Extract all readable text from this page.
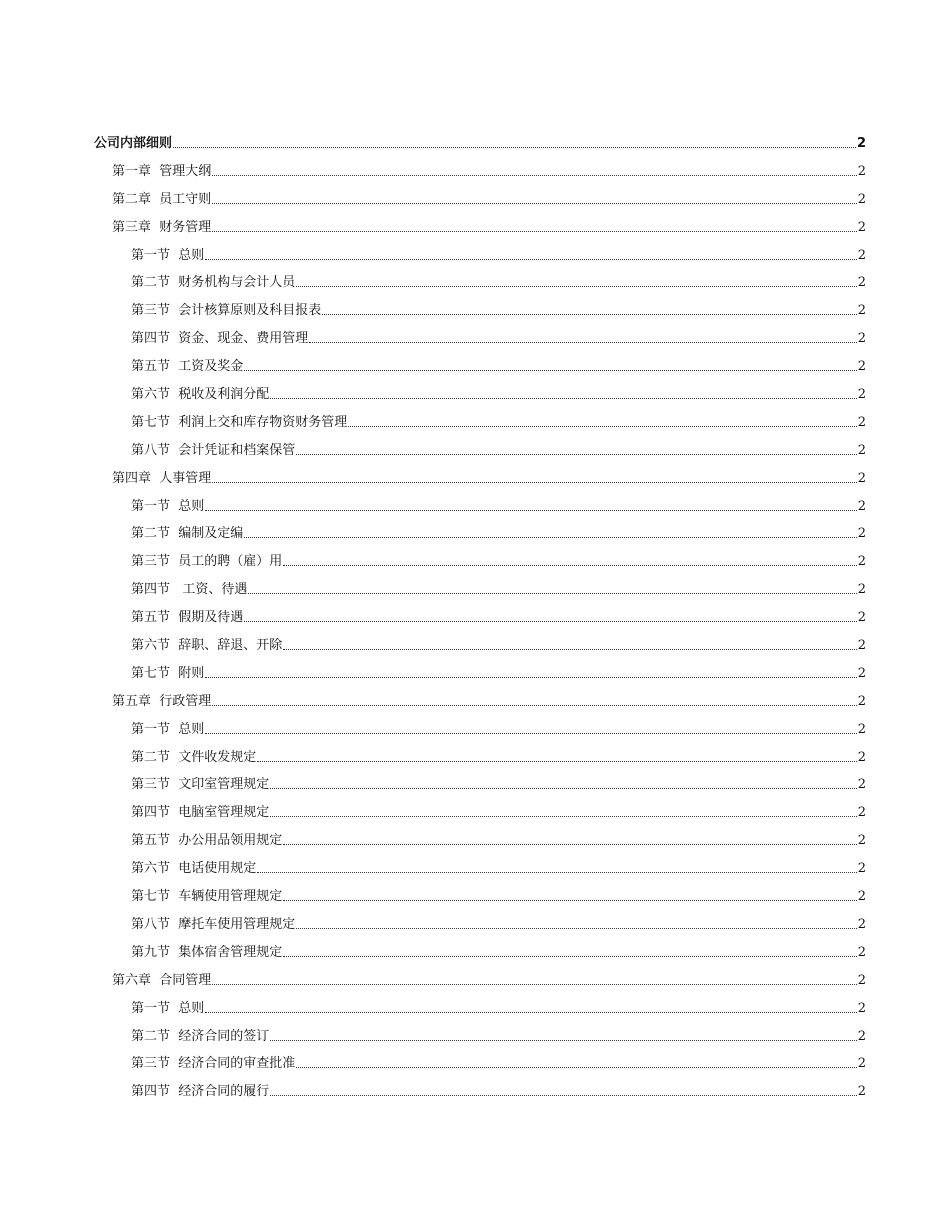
公司内部细则	2
第一章  管理大纲	2
第二章  员工守则	2
第三章  财务管理	2
第一节  总则	2
第二节  财务机构与会计人员	2
第三节  会计核算原则及科目报表	2
第四节  资金、现金、费用管理	2
第五节  工资及奖金	2
第六节  税收及利润分配	2
第七节  利润上交和库存物资财务管理	2
第八节  会计凭证和档案保管	2
第四章  人事管理	2
第一节  总则	2
第二节  编制及定编	2
第三节  员工的聘（雇）用	2
第四节   工资、待遇	2
第五节  假期及待遇	2
第六节  辞职、辞退、开除	2
第七节  附则	2
第五章  行政管理	2
第一节  总则	2
第二节  文件收发规定	2
第三节  文印室管理规定	2
第四节  电脑室管理规定	2
第五节  办公用品领用规定	2
第六节  电话使用规定	2
第七节  车辆使用管理规定	2
第八节  摩托车使用管理规定	2
第九节  集体宿舍管理规定	2
第六章  合同管理	2
第一节  总则	2
第二节  经济合同的签订	2
第三节  经济合同的审查批准	2
第四节  经济合同的履行	2
